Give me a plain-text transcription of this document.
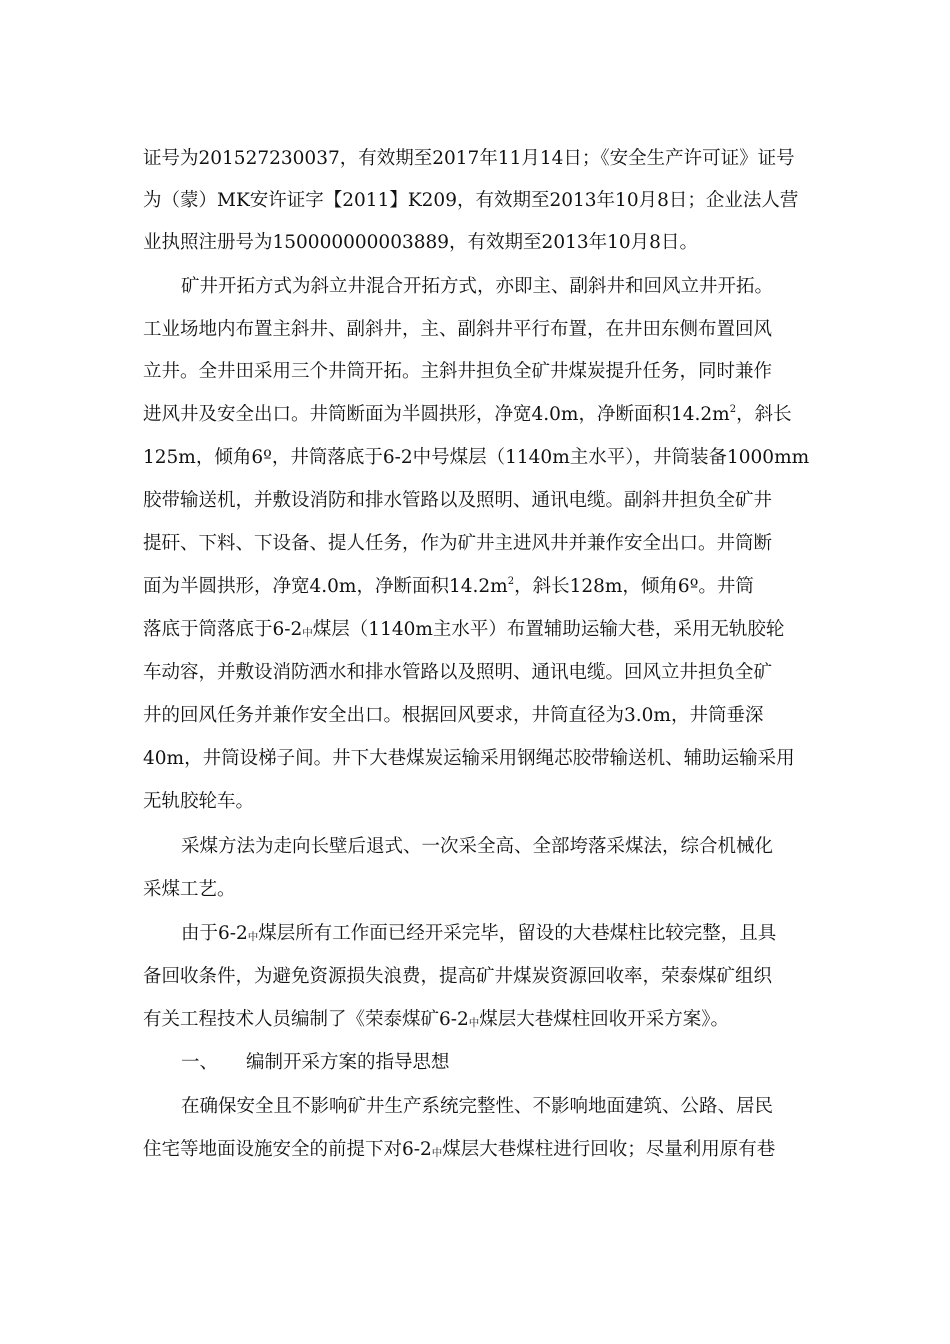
证号为201527230037，有效期至2017年11月14日；《安全生产许可证》证号
为（蒙）MK安许证字【2011】K209，有效期至2013年10月8日；企业法人营
业执照注册号为150000000003889，有效期至2013年10月8日。
矿井开拓方式为斜立井混合开拓方式，亦即主、副斜井和回风立井开拓。
工业场地内布置主斜井、副斜井，主、副斜井平行布置，在井田东侧布置回风
立井。全井田采用三个井筒开拓。主斜井担负全矿井煤炭提升任务，同时兼作
进风井及安全出口。井筒断面为半圆拱形，净宽4.0m，净断面积$14.2m^2$，斜长
125m，倾角6º，井筒落底于6-2中号煤层（1140m主水平），井筒装备1000mm
胶带输送机，并敷设消防和排水管路以及照明、通讯电缆。副斜井担负全矿井
提矸、下料、下设备、提人任务，作为矿井主进风井并兼作安全出口。井筒断
面为半圆拱形，净宽4.0m，净断面积$14.2m^2$，斜长128m，倾角6º。井筒
落底于筒落底于6-2中煤层（1140m主水平）布置辅助运输大巷，采用无轨胶轮
车动容，并敷设消防洒水和排水管路以及照明、通讯电缆。回风立井担负全矿
井的回风任务并兼作安全出口。根据回风要求，井筒直径为3.0m，井筒垂深
40m，井筒设梯子间。井下大巷煤炭运输采用钢绳芯胶带输送机、辅助运输采用
无轨胶轮车。
采煤方法为走向长壁后退式、一次采全高、全部垮落采煤法，综合机械化
采煤工艺。
由于6-2中煤层所有工作面已经开采完毕，留设的大巷煤柱比较完整，且具
备回收条件，为避免资源损失浪费，提高矿井煤炭资源回收率，荣泰煤矿组织
有关工程技术人员编制了《荣泰煤矿6-2中煤层大巷煤柱回收开采方案》。
一、 编制开采方案的指导思想
在确保安全且不影响矿井生产系统完整性、不影响地面建筑、公路、居民
住宅等地面设施安全的前提下对6-2中煤层大巷煤柱进行回收；尽量利用原有巷
